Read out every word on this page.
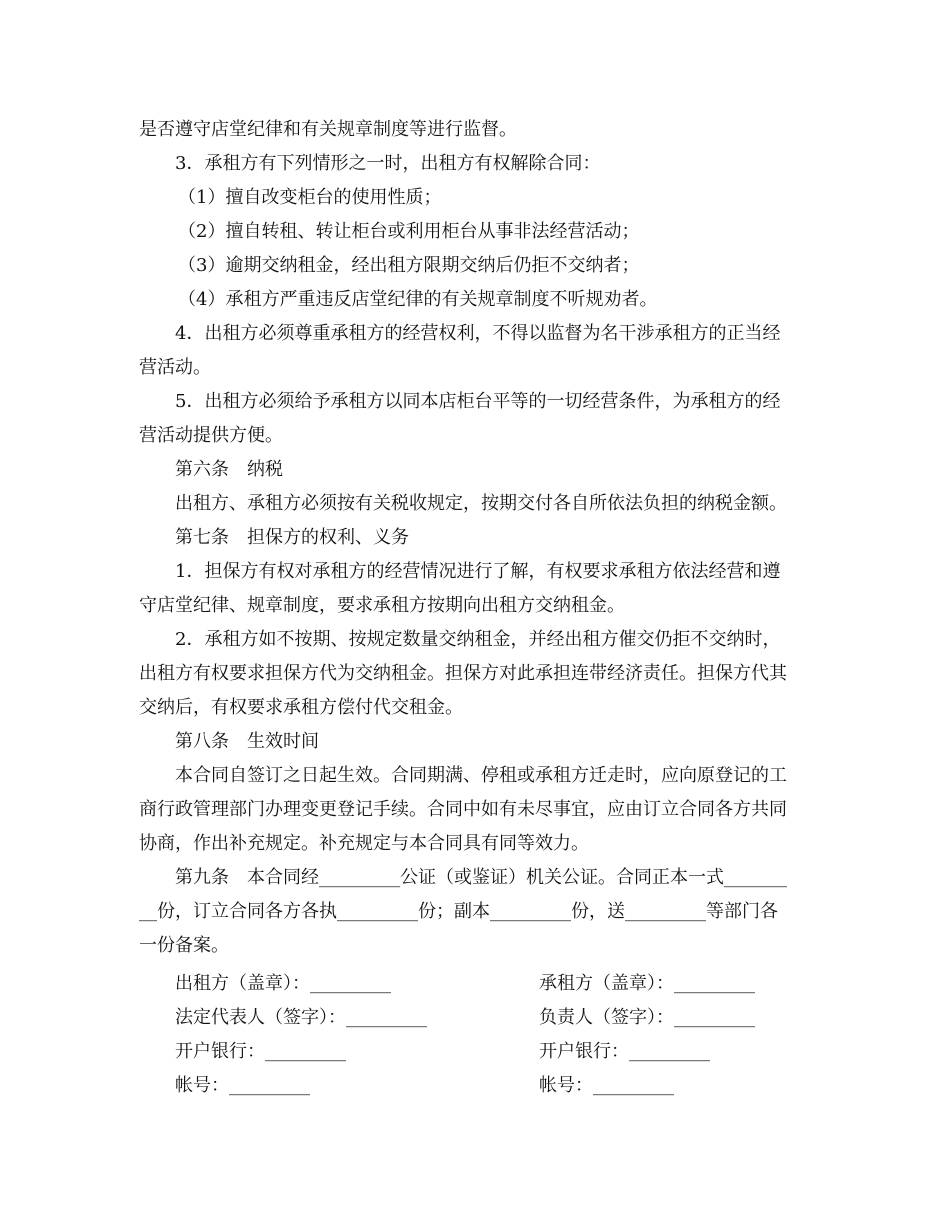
是否遵守店堂纪律和有关规章制度等进行监督。
3．承租方有下列情形之一时，出租方有权解除合同：
（1）擅自改变柜台的使用性质；
（2）擅自转租、转让柜台或利用柜台从事非法经营活动；
（3）逾期交纳租金，经出租方限期交纳后仍拒不交纳者；
（4）承租方严重违反店堂纪律的有关规章制度不听规劝者。
4．出租方必须尊重承租方的经营权利，不得以监督为名干涉承租方的正当经
营活动。
5．出租方必须给予承租方以同本店柜台平等的一切经营条件，为承租方的经
营活动提供方便。
第六条　纳税
出租方、承租方必须按有关税收规定，按期交付各自所依法负担的纳税金额。
第七条　担保方的权利、义务
1．担保方有权对承租方的经营情况进行了解，有权要求承租方依法经营和遵
守店堂纪律、规章制度，要求承租方按期向出租方交纳租金。
2．承租方如不按期、按规定数量交纳租金，并经出租方催交仍拒不交纳时，
出租方有权要求担保方代为交纳租金。担保方对此承担连带经济责任。担保方代其
交纳后，有权要求承租方偿付代交租金。
第八条　生效时间
本合同自签订之日起生效。合同期满、停租或承租方迁走时，应向原登记的工
商行政管理部门办理变更登记手续。合同中如有未尽事宜，应由订立合同各方共同
协商，作出补充规定。补充规定与本合同具有同等效力。
第九条　本合同经_________公证（或鉴证）机关公证。合同正本一式_______
__份，订立合同各方各执_________份；副本_________份，送_________等部门各
一份备案。
出租方（盖章）：_________
法定代表人（签字）：_________
开户银行：_________
帐号：_________
承租方（盖章）：_________
负责人（签字）：_________
开户银行：_________
帐号：_________
